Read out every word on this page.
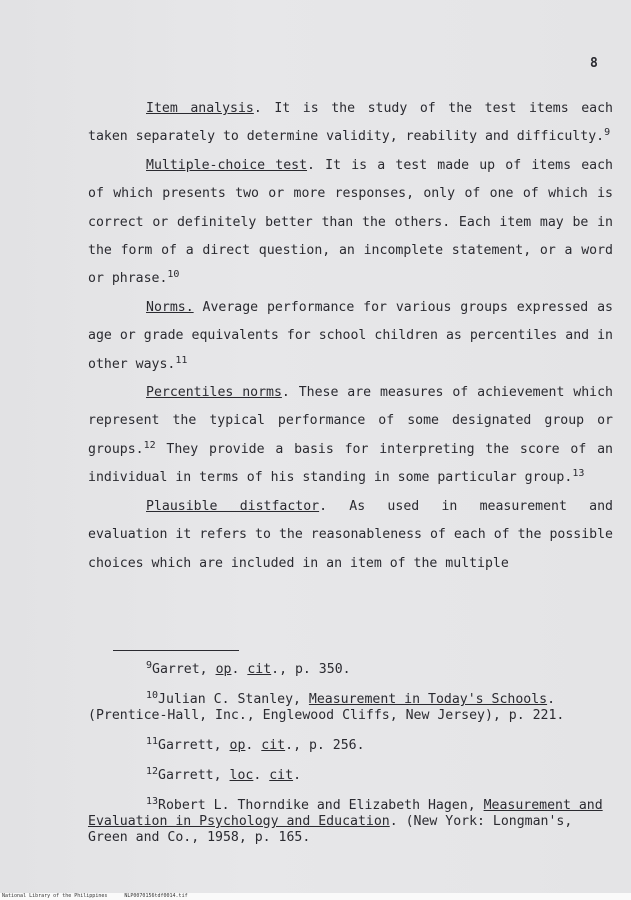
8

Item analysis. It is the study of the test items each taken separately to determine validity, reability and difficulty.$^9$

Multiple-choice test. It is a test made up of items each of which presents two or more responses, only of one of which is correct or definitely better than the others. Each item may be in the form of a direct question, an incomplete statement, or a word or phrase.$^{10}$

Norms. Average performance for various groups expressed as age or grade equivalents for school children as percentiles and in other ways.$^{11}$

Percentiles norms. These are measures of achievement which represent the typical performance of some designated group or groups.$^{12}$ They provide a basis for interpreting the score of an individual in terms of his standing in some particular group.$^{13}$

Plausible distfactor. As used in measurement and evaluation it refers to the reasonableness of each of the possible choices which are included in an item of the multiple

$^9$Garret, op. cit., p. 350.

$^{10}$Julian C. Stanley, Measurement in Today's Schools. (Prentice-Hall, Inc., Englewood Cliffs, New Jersey), p. 221.

$^{11}$Garrett, op. cit., p. 256.

$^{12}$Garrett, loc. cit.

$^{13}$Robert L. Thorndike and Elizabeth Hagen, Measurement and Evaluation in Psychology and Education. (New York: Longman's, Green and Co., 1958, p. 165.

National Library of the Philippines	NLP0070156tdf0014.tif
